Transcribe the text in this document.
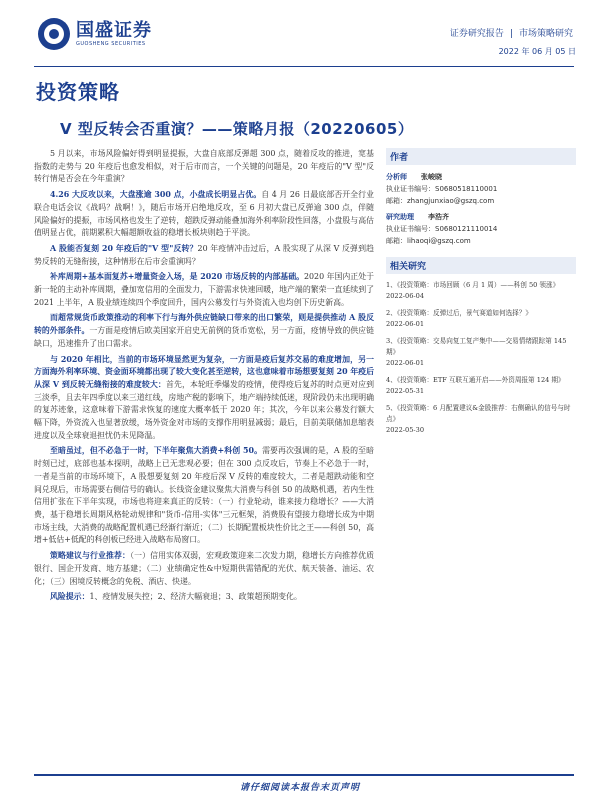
国盛证券
GUOSHENG SECURITIES
证券研究报告 | 市场策略研究
2022 年 06 月 05 日
投资策略
V 型反转会否重演？——策略月报（20220605）

5 月以来，市场风险偏好得到明显提振，大盘自底部反弹超 300 点，随着反攻的推进，宽基指数的走势与 20 年疫后也愈发相似，对于后市而言，一个关键的问题是，20 年疫后的"V 型"反转行情是否会在今年重演？

4.26 大反攻以来，大盘涨逾 300 点，小盘成长明显占优。自 4 月 26 日最底部否开全行业联合电话会议《战吗？战啊！》，随后市场开启绝地反攻，至 6 月初大盘已反弹逾 300 点，伴随风险偏好的提振，市场风格也发生了逆转，超跌反弹动能叠加海外利率阶段性回落，小盘股与高估值明显占优，前期累积大幅超额收益的稳增长板块则趋于平淡。

A 股能否复刻 20 年疫后的"V 型"反转？20 年疫情冲击过后，A 股实现了从深 V 反弹到趋势反转的无缝衔接，这种情形在后市会重演吗？

补库周期+基本面复苏+增量资金入场，是 2020 市场反转的内部基础。2020 年国内正处于新一轮的主动补库周期，叠加宽信用的全面发力，下游需求快速回暖，地产端的繁荣一直延续到了 2021 上半年，A 股业绩连续四个季度回升，国内公募发行与外资流入也均创下历史新高。

而超常规货币政策推动的利率下行与海外供应链缺口带来的出口繁荣，则是提供推动 A 股反转的外部条件。一方面是疫情后欧美国家开启史无前例的货币宽松，另一方面，疫情导致的供应链缺口，迅速推升了出口需求。

与 2020 年相比，当前的市场环境显然更为复杂，一方面是疫后复苏交易的难度增加，另一方面海外利率环境、资金面环境都出现了较大变化甚至逆转，这也意味着市场想要复刻 20 年疫后从深 V 到反转无缝衔接的难度较大：首先，本轮旺季爆发的疫情，使得疫后复苏的时点更对应到三淡季，且去年四季度以来三道红线，房地产税的影响下，地产端持续低迷，现阶段仍未出现明确的复苏迹象，这意味着下游需求恢复的速度大概率低于 2020 年；其次，今年以来公募发行额大幅下降，外资流入也显著放缓，场外资金对市场的支撑作用明显减弱；最后，目前美联储加息缩表进度以及全球衰退担忧仍未见降温。

至暗虽过，但不必急于一时，下半年聚焦大消费+科创 50。需要再次强调的是，A 股的至暗时刻已过，底部也基本探明，战略上已无悲观必要；但在 300 点反攻后，节奏上不必急于一时，一者是当前的市场环境下，A 股想要复刻 20 年疫后深 V 反转的难度较大，二者是超跌动能和空间兑现后，市场需要右侧信号的确认。长线资金建议聚焦大消费与科创 50 的战略机遇，若内生性信用扩张在下半年实现，市场也将迎来真正的反转：（一）行业轮动，谁来接力稳增长？——大消费，基于稳增长周期风格轮动规律和"货币-信用-实体"三元框架，消费股有望接力稳增长成为中期市场主线，大消费的战略配置机遇已经渐行渐近；（二）长期配置板块性价比之王——科创 50，高增+低估+低配的科创板已经进入战略布局窗口。

策略建议与行业推荐：（一）信用实体双弱，宏观政策迎来二次发力期，稳增长方向推荐优质银行、国企开发商、地方基建；（二）业绩确定性&中短期供需错配的光伏、航天装备、油运、农化；（三）困境反转概念的免税、酒店、快递。

风险提示：1、疫情发展失控；2、经济大幅衰退；3、政策超预期变化。

作者
分析师 张峻晓
执业证书编号：S0680518110001
邮箱：zhangjunxiao@gszq.com
研究助理 李浩齐
执业证书编号：S0680121110014
邮箱：lihaoqi@gszq.com
相关研究
1、《投资策略：市场回顾（6 月 1 周）——科创 50 领涨》
2022-06-04
2、《投资策略：反弹过后，景气赛道如何选择？》
2022-06-01
3、《投资策略：交易向复工复产集中——交易情绪跟踪第 145 期》
2022-06-01
4、《投资策略：ETF 互联互通开启——外资周报第 124 期》
2022-05-31
5、《投资策略：6 月配置建议&金股推荐：右侧确认的信号与时点》
2022-05-30
请仔细阅读本报告末页声明
